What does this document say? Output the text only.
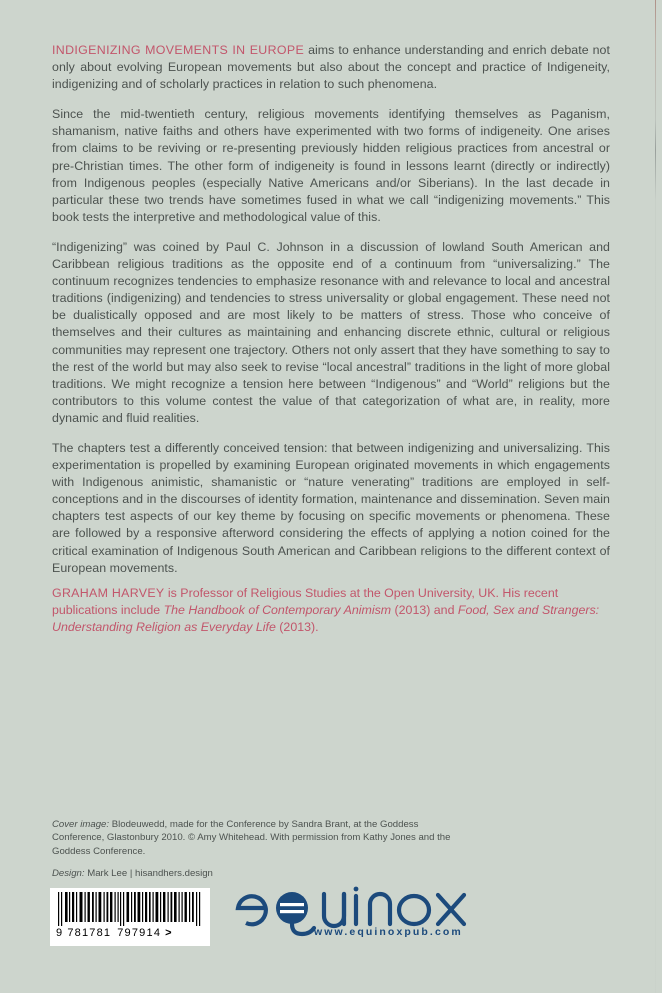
INDIGENIZING MOVEMENTS IN EUROPE aims to enhance understanding and enrich debate not only about evolving European movements but also about the concept and practice of Indigeneity, indigenizing and of scholarly practices in relation to such phenomena.

Since the mid-twentieth century, religious movements identifying themselves as Paganism, shamanism, native faiths and others have experimented with two forms of indigeneity. One arises from claims to be reviving or re-presenting previously hidden religious practices from ancestral or pre-Christian times. The other form of indigeneity is found in lessons learnt (directly or indirectly) from Indigenous peoples (especially Native Americans and/or Siberians). In the last decade in particular these two trends have sometimes fused in what we call “indigenizing movements.” This book tests the interpretive and methodological value of this.

“Indigenizing” was coined by Paul C. Johnson in a discussion of lowland South American and Caribbean religious traditions as the opposite end of a continuum from “universalizing.” The continuum recognizes tendencies to emphasize resonance with and relevance to local and ancestral traditions (indigenizing) and tendencies to stress universality or global engagement. These need not be dualistically opposed and are most likely to be matters of stress. Those who conceive of themselves and their cultures as maintaining and enhancing discrete ethnic, cultural or religious communities may represent one trajectory. Others not only assert that they have something to say to the rest of the world but may also seek to revise “local ancestral” traditions in the light of more global traditions. We might recognize a tension here between “Indigenous” and “World” religions but the contributors to this volume contest the value of that categorization of what are, in reality, more dynamic and fluid realities.

The chapters test a differently conceived tension: that between indigenizing and universalizing. This experimentation is propelled by examining European originated movements in which engagements with Indigenous animistic, shamanistic or “nature venerating” traditions are employed in self-conceptions and in the discourses of identity formation, maintenance and dissemination. Seven main chapters test aspects of our key theme by focusing on specific movements or phenomena. These are followed by a responsive afterword considering the effects of applying a notion coined for the critical examination of Indigenous South American and Caribbean religions to the different context of European movements.

GRAHAM HARVEY is Professor of Religious Studies at the Open University, UK. His recent publications include The Handbook of Contemporary Animism (2013) and Food, Sex and Strangers: Understanding Religion as Everyday Life (2013).
Cover image: Blodeuwedd, made for the Conference by Sandra Brant, at the Goddess Conference, Glastonbury 2010. © Amy Whitehead. With permission from Kathy Jones and the Goddess Conference.
Design: Mark Lee | hisandhers.design
9 781781 797914 >	www.equinoxpub.com
